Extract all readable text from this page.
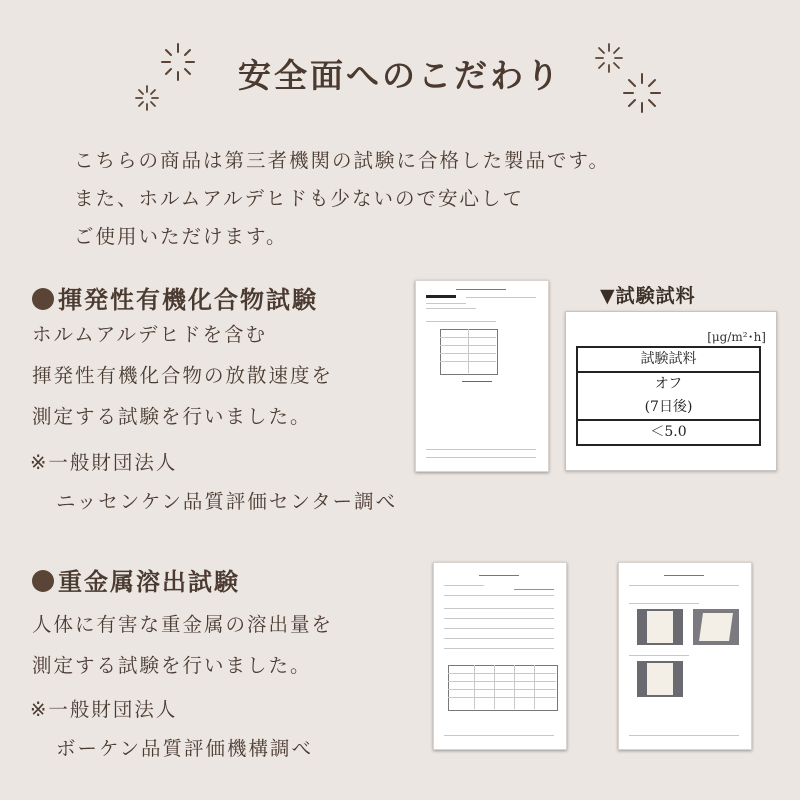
安全面へのこだわり
こちらの商品は第三者機関の試験に合格した製品です。
また、ホルムアルデヒドも少ないので安心して
ご使用いただけます。
揮発性有機化合物試験
ホルムアルデヒドを含む
揮発性有機化合物の放散速度を
測定する試験を行いました。
※一般財団法人
ニッセンケン品質評価センター調べ
▼試験試料
[μg/m²･h]
試験試料
オフ
(7日後)
＜5.0
重金属溶出試験
人体に有害な重金属の溶出量を
測定する試験を行いました。
※一般財団法人
ボーケン品質評価機構調べ
